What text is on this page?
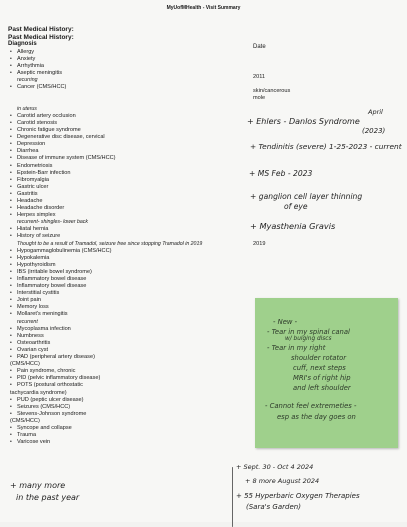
MyUofMHealth - Visit Summary
Past Medical History:
Past Medical History:
Diagnosis	Date
• Allergy
• Anxiety
• Arrhythmia
• Aseptic meningitis
recurring
• Cancer (CMS/HCC)
in uterus
• Carotid artery occlusion
• Carotid stenosis
• Chronic fatigue syndrome
• Degenerative disc disease, cervical
• Depression
• Diarrhea
• Disease of immune system (CMS/HCC)
• Endometriosis
• Epstein-Barr infection
• Fibromyalgia
• Gastric ulcer
• Gastritis
• Headache
• Headache disorder
• Herpes simplex
recurrent- shingles- lower back
• Hiatal hernia
• History of seizure
Thought to be a result of Tramadol, seizure free since stopping Tramadol in 2019
• Hypogammaglobulinemia (CMS/HCC)
• Hypokalemia
• Hypothyroidism
• IBS (irritable bowel syndrome)
• Inflammatory bowel disease
• Inflammatory bowel disease
• Interstitial cystitis
• Joint pain
• Memory loss
• Mollaret's meningitis
recurrent
• Mycoplasma infection
• Numbness
• Osteoarthritis
• Ovarian cyst
• PAD (peripheral artery disease)
(CMS/HCC)
• Pain syndrome, chronic
• PID (pelvic inflammatory disease)
• POTS (postural orthostatic
tachycardia syndrome)
• PUD (peptic ulcer disease)
• Seizures (CMS/HCC)
• Stevens-Johnson syndrome
(CMS/HCC)
• Syncope and collapse
• Trauma
• Varicose vein
2011
skin/cancerous
mole
2019
April
+ Ehlers - Danlos Syndrome
(2023)
+ Tendinitis (severe) 1-25-2023 - current
+ MS Feb - 2023
+ ganglion cell layer thinning
of eye
+ Myasthenia Gravis
+ many more
in the past year
+ Sept. 30 - Oct 4 2024
+ 8 more August 2024
+ 55 Hyperbaric Oxygen Therapies
(Sara's Garden)
- New -
- Tear in my spinal canal
w/ bulging discs
- Tear in my right
shoulder rotator
cuff, next steps
MRI's of right hip
and left shoulder
- Cannot feel extremeties -
esp as the day goes on
